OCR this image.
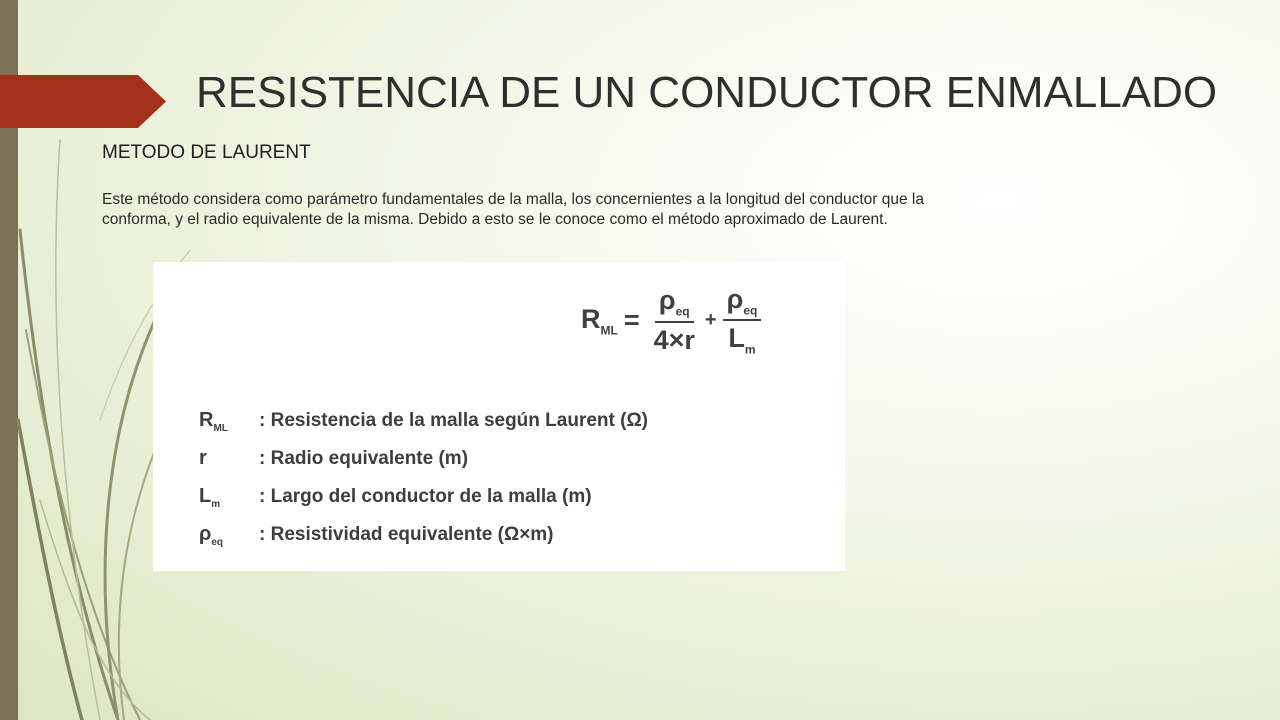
RESISTENCIA DE UN CONDUCTOR ENMALLADO
METODO DE LAURENT

Este método considera como parámetro fundamentales de la malla, los concernientes a la longitud del conductor que la conforma, y el radio equivalente de la misma. Debido a esto se le conoce como el método aproximado de Laurent.

$R_{ML} = \frac{\rho_{eq}}{4\times r} + \frac{\rho_{eq}}{L_m}$
$R_{ML}$	: Resistencia de la malla según Laurent (Ω)
r	: Radio equivalente (m)
$L_m$	: Largo del conductor de la malla (m)
$\rho_{eq}$	: Resistividad equivalente (Ω×m)
